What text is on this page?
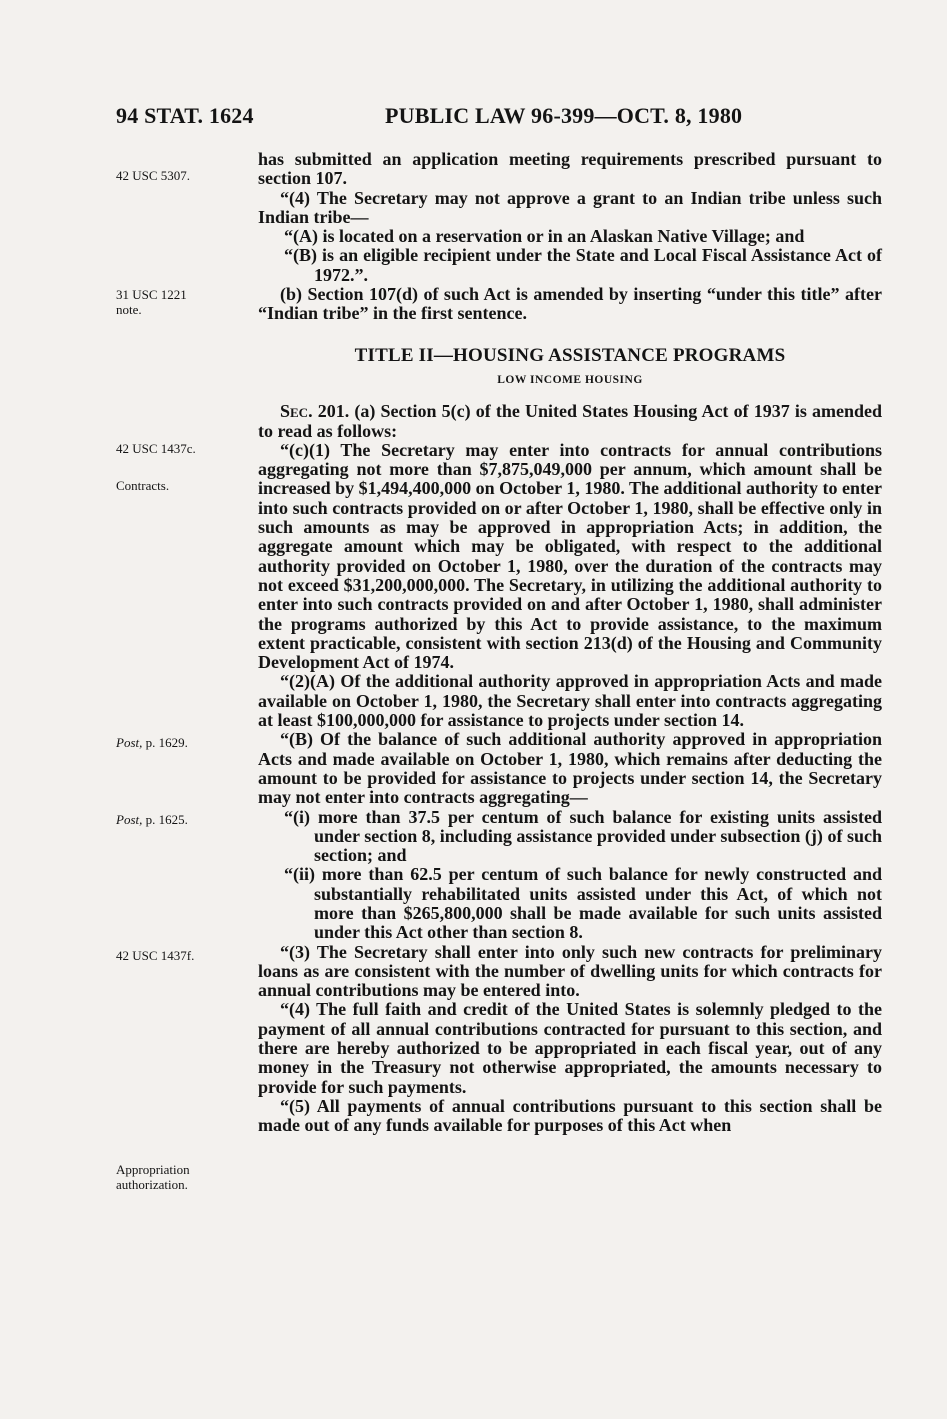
94 STAT. 1624	PUBLIC LAW 96-399—OCT. 8, 1980
42 USC 5307.
31 USC 1221
note.
42 USC 1437c.
Contracts.
Post, p. 1629.
Post, p. 1625.
42 USC 1437f.
Appropriation
authorization.

has submitted an application meeting requirements prescribed pursuant to section 107.

“(4) The Secretary may not approve a grant to an Indian tribe unless such Indian tribe—

“(A) is located on a reservation or in an Alaskan Native Village; and

“(B) is an eligible recipient under the State and Local Fiscal Assistance Act of 1972.”.

(b) Section 107(d) of such Act is amended by inserting “under this title” after “Indian tribe” in the first sentence.

TITLE II—HOUSING ASSISTANCE PROGRAMS

LOW INCOME HOUSING

Sec. 201. (a) Section 5(c) of the United States Housing Act of 1937 is amended to read as follows:

“(c)(1) The Secretary may enter into contracts for annual contributions aggregating not more than $7,875,049,000 per annum, which amount shall be increased by $1,494,400,000 on October 1, 1980. The additional authority to enter into such contracts provided on or after October 1, 1980, shall be effective only in such amounts as may be approved in appropriation Acts; in addition, the aggregate amount which may be obligated, with respect to the additional authority provided on October 1, 1980, over the duration of the contracts may not exceed $31,200,000,000. The Secretary, in utilizing the additional authority to enter into such contracts provided on and after October 1, 1980, shall administer the programs authorized by this Act to provide assistance, to the maximum extent practicable, consistent with section 213(d) of the Housing and Community Development Act of 1974.

“(2)(A) Of the additional authority approved in appropriation Acts and made available on October 1, 1980, the Secretary shall enter into contracts aggregating at least $100,000,000 for assistance to projects under section 14.

“(B) Of the balance of such additional authority approved in appropriation Acts and made available on October 1, 1980, which remains after deducting the amount to be provided for assistance to projects under section 14, the Secretary may not enter into contracts aggregating—

“(i) more than 37.5 per centum of such balance for existing units assisted under section 8, including assistance provided under subsection (j) of such section; and

“(ii) more than 62.5 per centum of such balance for newly constructed and substantially rehabilitated units assisted under this Act, of which not more than $265,800,000 shall be made available for such units assisted under this Act other than section 8.

“(3) The Secretary shall enter into only such new contracts for preliminary loans as are consistent with the number of dwelling units for which contracts for annual contributions may be entered into.

“(4) The full faith and credit of the United States is solemnly pledged to the payment of all annual contributions contracted for pursuant to this section, and there are hereby authorized to be appropriated in each fiscal year, out of any money in the Treasury not otherwise appropriated, the amounts necessary to provide for such payments.

“(5) All payments of annual contributions pursuant to this section shall be made out of any funds available for purposes of this Act when
